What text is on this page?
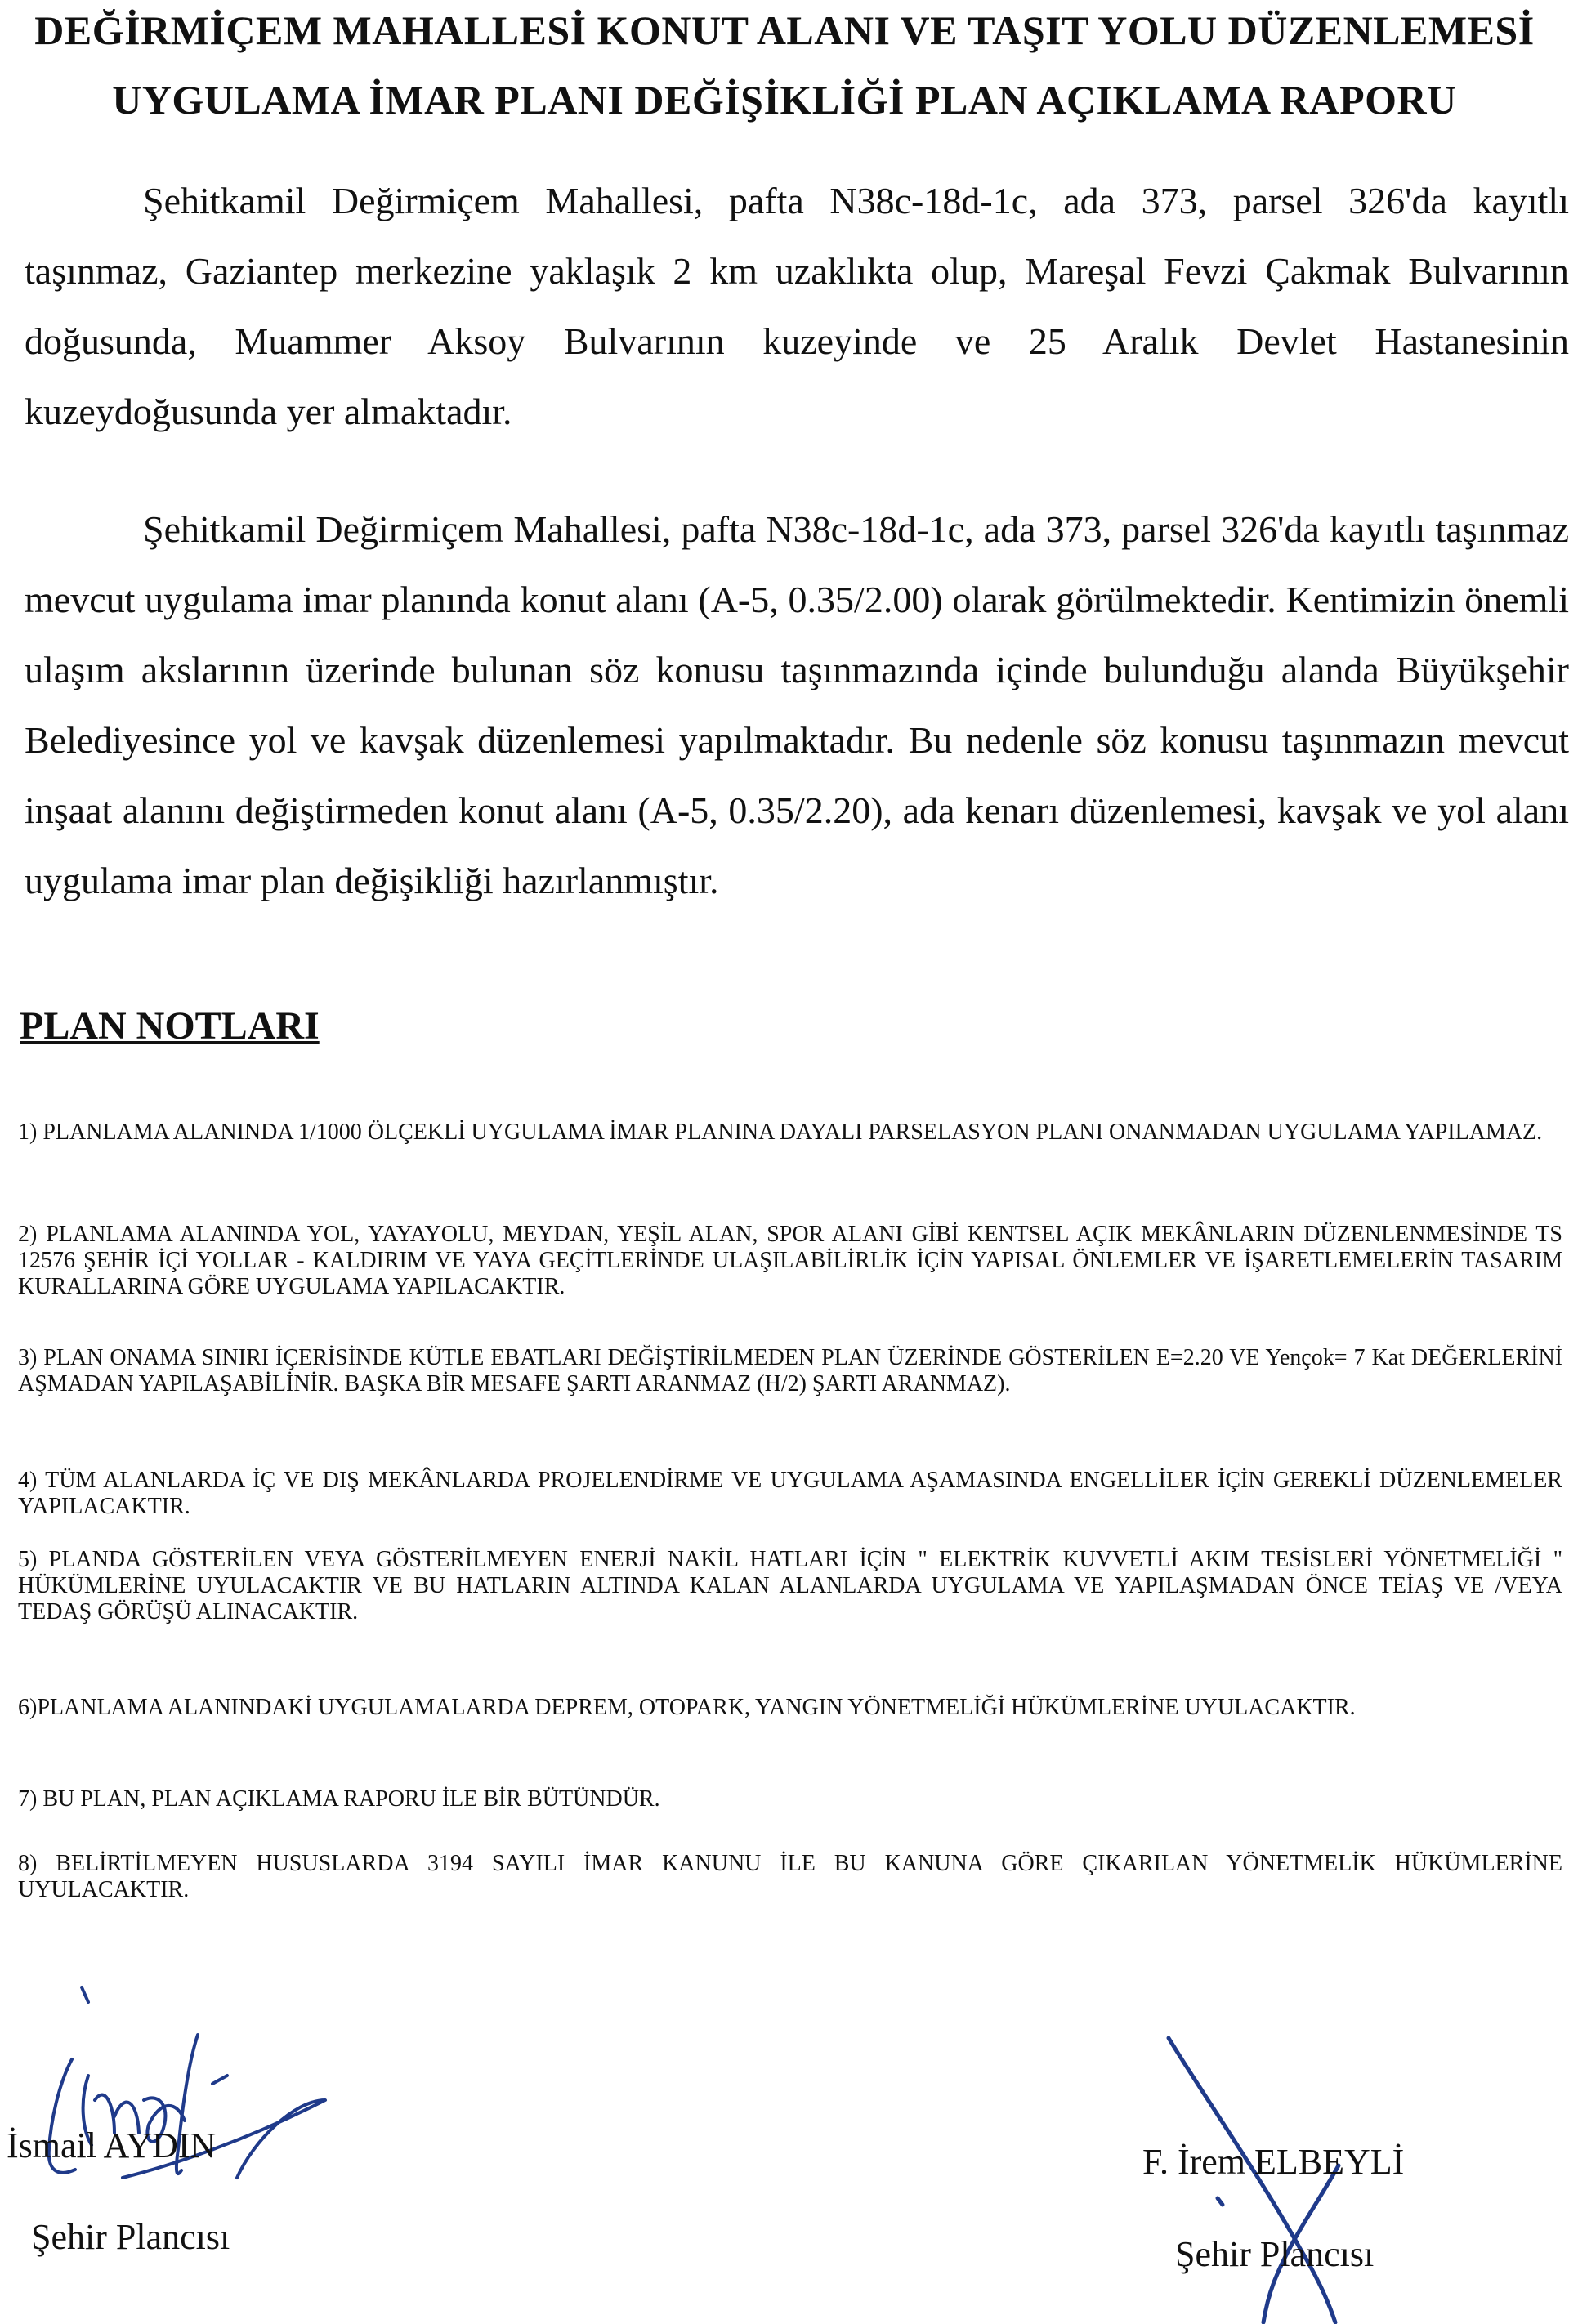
DEĞİRMİÇEM MAHALLESİ KONUT ALANI VE TAŞIT YOLU DÜZENLEMESİ
UYGULAMA İMAR PLANI DEĞİŞİKLİĞİ PLAN AÇIKLAMA RAPORU

Şehitkamil Değirmiçem Mahallesi, pafta N38c-18d-1c, ada 373, parsel 326'da kayıtlı taşınmaz, Gaziantep merkezine yaklaşık 2 km uzaklıkta olup, Mareşal Fevzi Çakmak Bulvarının doğusunda, Muammer Aksoy Bulvarının kuzeyinde ve 25 Aralık Devlet Hastanesinin kuzeydoğusunda yer almaktadır.

Şehitkamil Değirmiçem Mahallesi, pafta N38c-18d-1c, ada 373, parsel 326'da kayıtlı taşınmaz mevcut uygulama imar planında konut alanı (A-5, 0.35/2.00) olarak görülmektedir. Kentimizin önemli ulaşım akslarının üzerinde bulunan söz konusu taşınmazında içinde bulunduğu alanda Büyükşehir Belediyesince yol ve kavşak düzenlemesi yapılmaktadır. Bu nedenle söz konusu taşınmazın mevcut inşaat alanını değiştirmeden konut alanı (A-5, 0.35/2.20), ada kenarı düzenlemesi, kavşak ve yol alanı uygulama imar plan değişikliği hazırlanmıştır.

PLAN NOTLARI

1) PLANLAMA ALANINDA 1/1000 ÖLÇEKLİ UYGULAMA İMAR PLANINA DAYALI PARSELASYON PLANI ONANMADAN UYGULAMA YAPILAMAZ.

2) PLANLAMA ALANINDA YOL, YAYAYOLU, MEYDAN, YEŞİL ALAN, SPOR ALANI GİBİ KENTSEL AÇIK MEKÂNLARIN DÜZENLENMESİNDE TS 12576 ŞEHİR İÇİ YOLLAR - KALDIRIM VE YAYA GEÇİTLERİNDE ULAŞILABİLİRLİK İÇİN YAPISAL ÖNLEMLER VE İŞARETLEMELERİN TASARIM KURALLARINA GÖRE UYGULAMA YAPILACAKTIR.

3) PLAN ONAMA SINIRI İÇERİSİNDE KÜTLE EBATLARI DEĞİŞTİRİLMEDEN PLAN ÜZERİNDE GÖSTERİLEN E=2.20 VE Yençok= 7 Kat DEĞERLERİNİ AŞMADAN YAPILAŞABİLİNİR. BAŞKA BİR MESAFE ŞARTI ARANMAZ (H/2) ŞARTI ARANMAZ).

4) TÜM ALANLARDA İÇ VE DIŞ MEKÂNLARDA PROJELENDİRME VE UYGULAMA AŞAMASINDA ENGELLİLER İÇİN GEREKLİ DÜZENLEMELER YAPILACAKTIR.

5) PLANDA GÖSTERİLEN VEYA GÖSTERİLMEYEN ENERJİ NAKİL HATLARI İÇİN " ELEKTRİK KUVVETLİ AKIM TESİSLERİ YÖNETMELİĞİ " HÜKÜMLERİNE UYULACAKTIR VE BU HATLARIN ALTINDA KALAN ALANLARDA UYGULAMA VE YAPILAŞMADAN ÖNCE TEİAŞ VE /VEYA TEDAŞ GÖRÜŞÜ ALINACAKTIR.

6)PLANLAMA ALANINDAKİ UYGULAMALARDA DEPREM, OTOPARK, YANGIN YÖNETMELİĞİ HÜKÜMLERİNE UYULACAKTIR.

7) BU PLAN, PLAN AÇIKLAMA RAPORU İLE BİR BÜTÜNDÜR.

8) BELİRTİLMEYEN HUSUSLARDA 3194 SAYILI İMAR KANUNU İLE BU KANUNA GÖRE ÇIKARILAN YÖNETMELİK HÜKÜMLERİNE UYULACAKTIR.

İsmail AYDIN
Şehir Plancısı
F. İrem ELBEYLİ
Şehir Plancısı
